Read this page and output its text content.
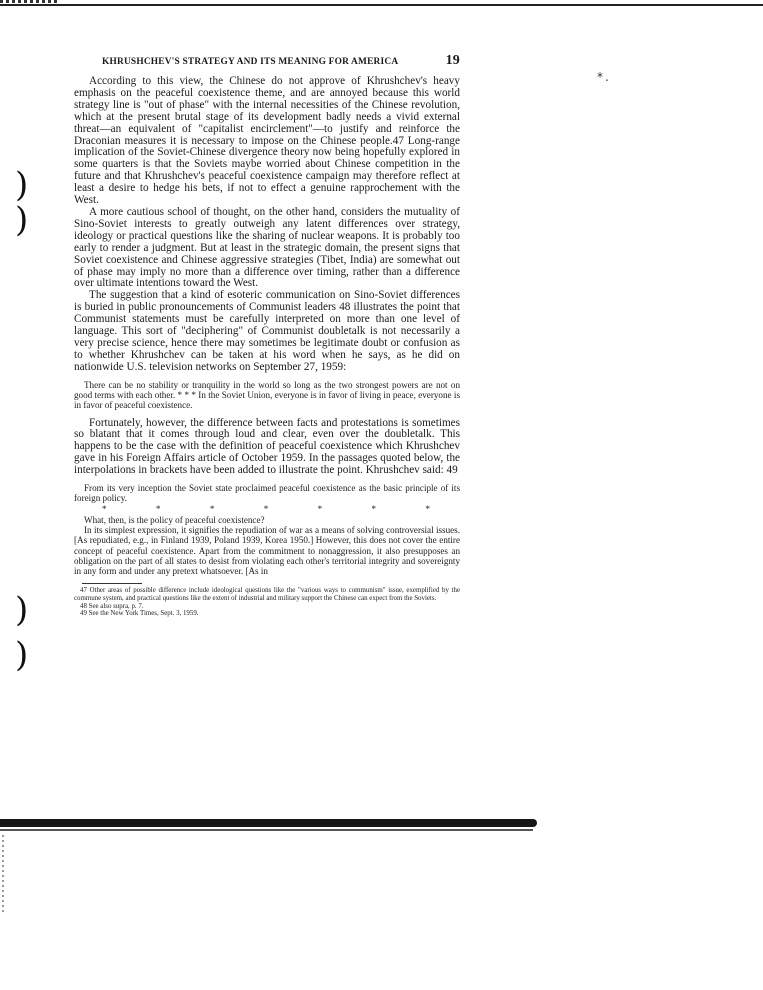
)
)
)
)
*.
KHRUSHCHEV'S STRATEGY AND ITS MEANING FOR AMERICA	19

According to this view, the Chinese do not approve of Khrushchev's heavy emphasis on the peaceful coexistence theme, and are annoyed because this world strategy line is "out of phase" with the internal necessities of the Chinese revolution, which at the present brutal stage of its development badly needs a vivid external threat—an equivalent of "capitalist encirclement"—to justify and reinforce the Draconian measures it is necessary to impose on the Chinese people.47 Long-range implication of the Soviet-Chinese divergence theory now being hopefully explored in some quarters is that the Soviets maybe worried about Chinese competition in the future and that Khrushchev's peaceful coexistence campaign may therefore reflect at least a desire to hedge his bets, if not to effect a genuine rapprochement with the West.

A more cautious school of thought, on the other hand, considers the mutuality of Sino-Soviet interests to greatly outweigh any latent differences over strategy, ideology or practical questions like the sharing of nuclear weapons. It is probably too early to render a judgment. But at least in the strategic domain, the present signs that Soviet coexistence and Chinese aggressive strategies (Tibet, India) are somewhat out of phase may imply no more than a difference over timing, rather than a difference over ultimate intentions toward the West.

The suggestion that a kind of esoteric communication on Sino-Soviet differences is buried in public pronouncements of Communist leaders 48 illustrates the point that Communist statements must be carefully interpreted on more than one level of language. This sort of "deciphering" of Communist doubletalk is not necessarily a very precise science, hence there may sometimes be legitimate doubt or confusion as to whether Khrushchev can be taken at his word when he says, as he did on nationwide U.S. television networks on September 27, 1959:

There can be no stability or tranquility in the world so long as the two strongest powers are not on good terms with each other. * * * In the Soviet Union, everyone is in favor of living in peace, everyone is in favor of peaceful coexistence.

Fortunately, however, the difference between facts and protestations is sometimes so blatant that it comes through loud and clear, even over the doubletalk. This happens to be the case with the definition of peaceful coexistence which Khrushchev gave in his Foreign Affairs article of October 1959. In the passages quoted below, the interpolations in brackets have been added to illustrate the point. Khrushchev said: 49

From its very inception the Soviet state proclaimed peaceful coexistence as the basic principle of its foreign policy.

*	*	*	*	*	*	*

What, then, is the policy of peaceful coexistence?

In its simplest expression, it signifies the repudiation of war as a means of solving controversial issues. [As repudiated, e.g., in Finland 1939, Poland 1939, Korea 1950.] However, this does not cover the entire concept of peaceful coexistence. Apart from the commitment to nonaggression, it also presupposes an obligation on the part of all states to desist from violating each other's territorial integrity and sovereignty in any form and under any pretext whatsoever. [As in

47 Other areas of possible difference include ideological questions like the "various ways to communism" issue, exemplified by the commune system, and practical questions like the extent of industrial and military support the Chinese can expect from the Soviets.

48 See also supra, p. 7.

49 See the New York Times, Sept. 3, 1959.
